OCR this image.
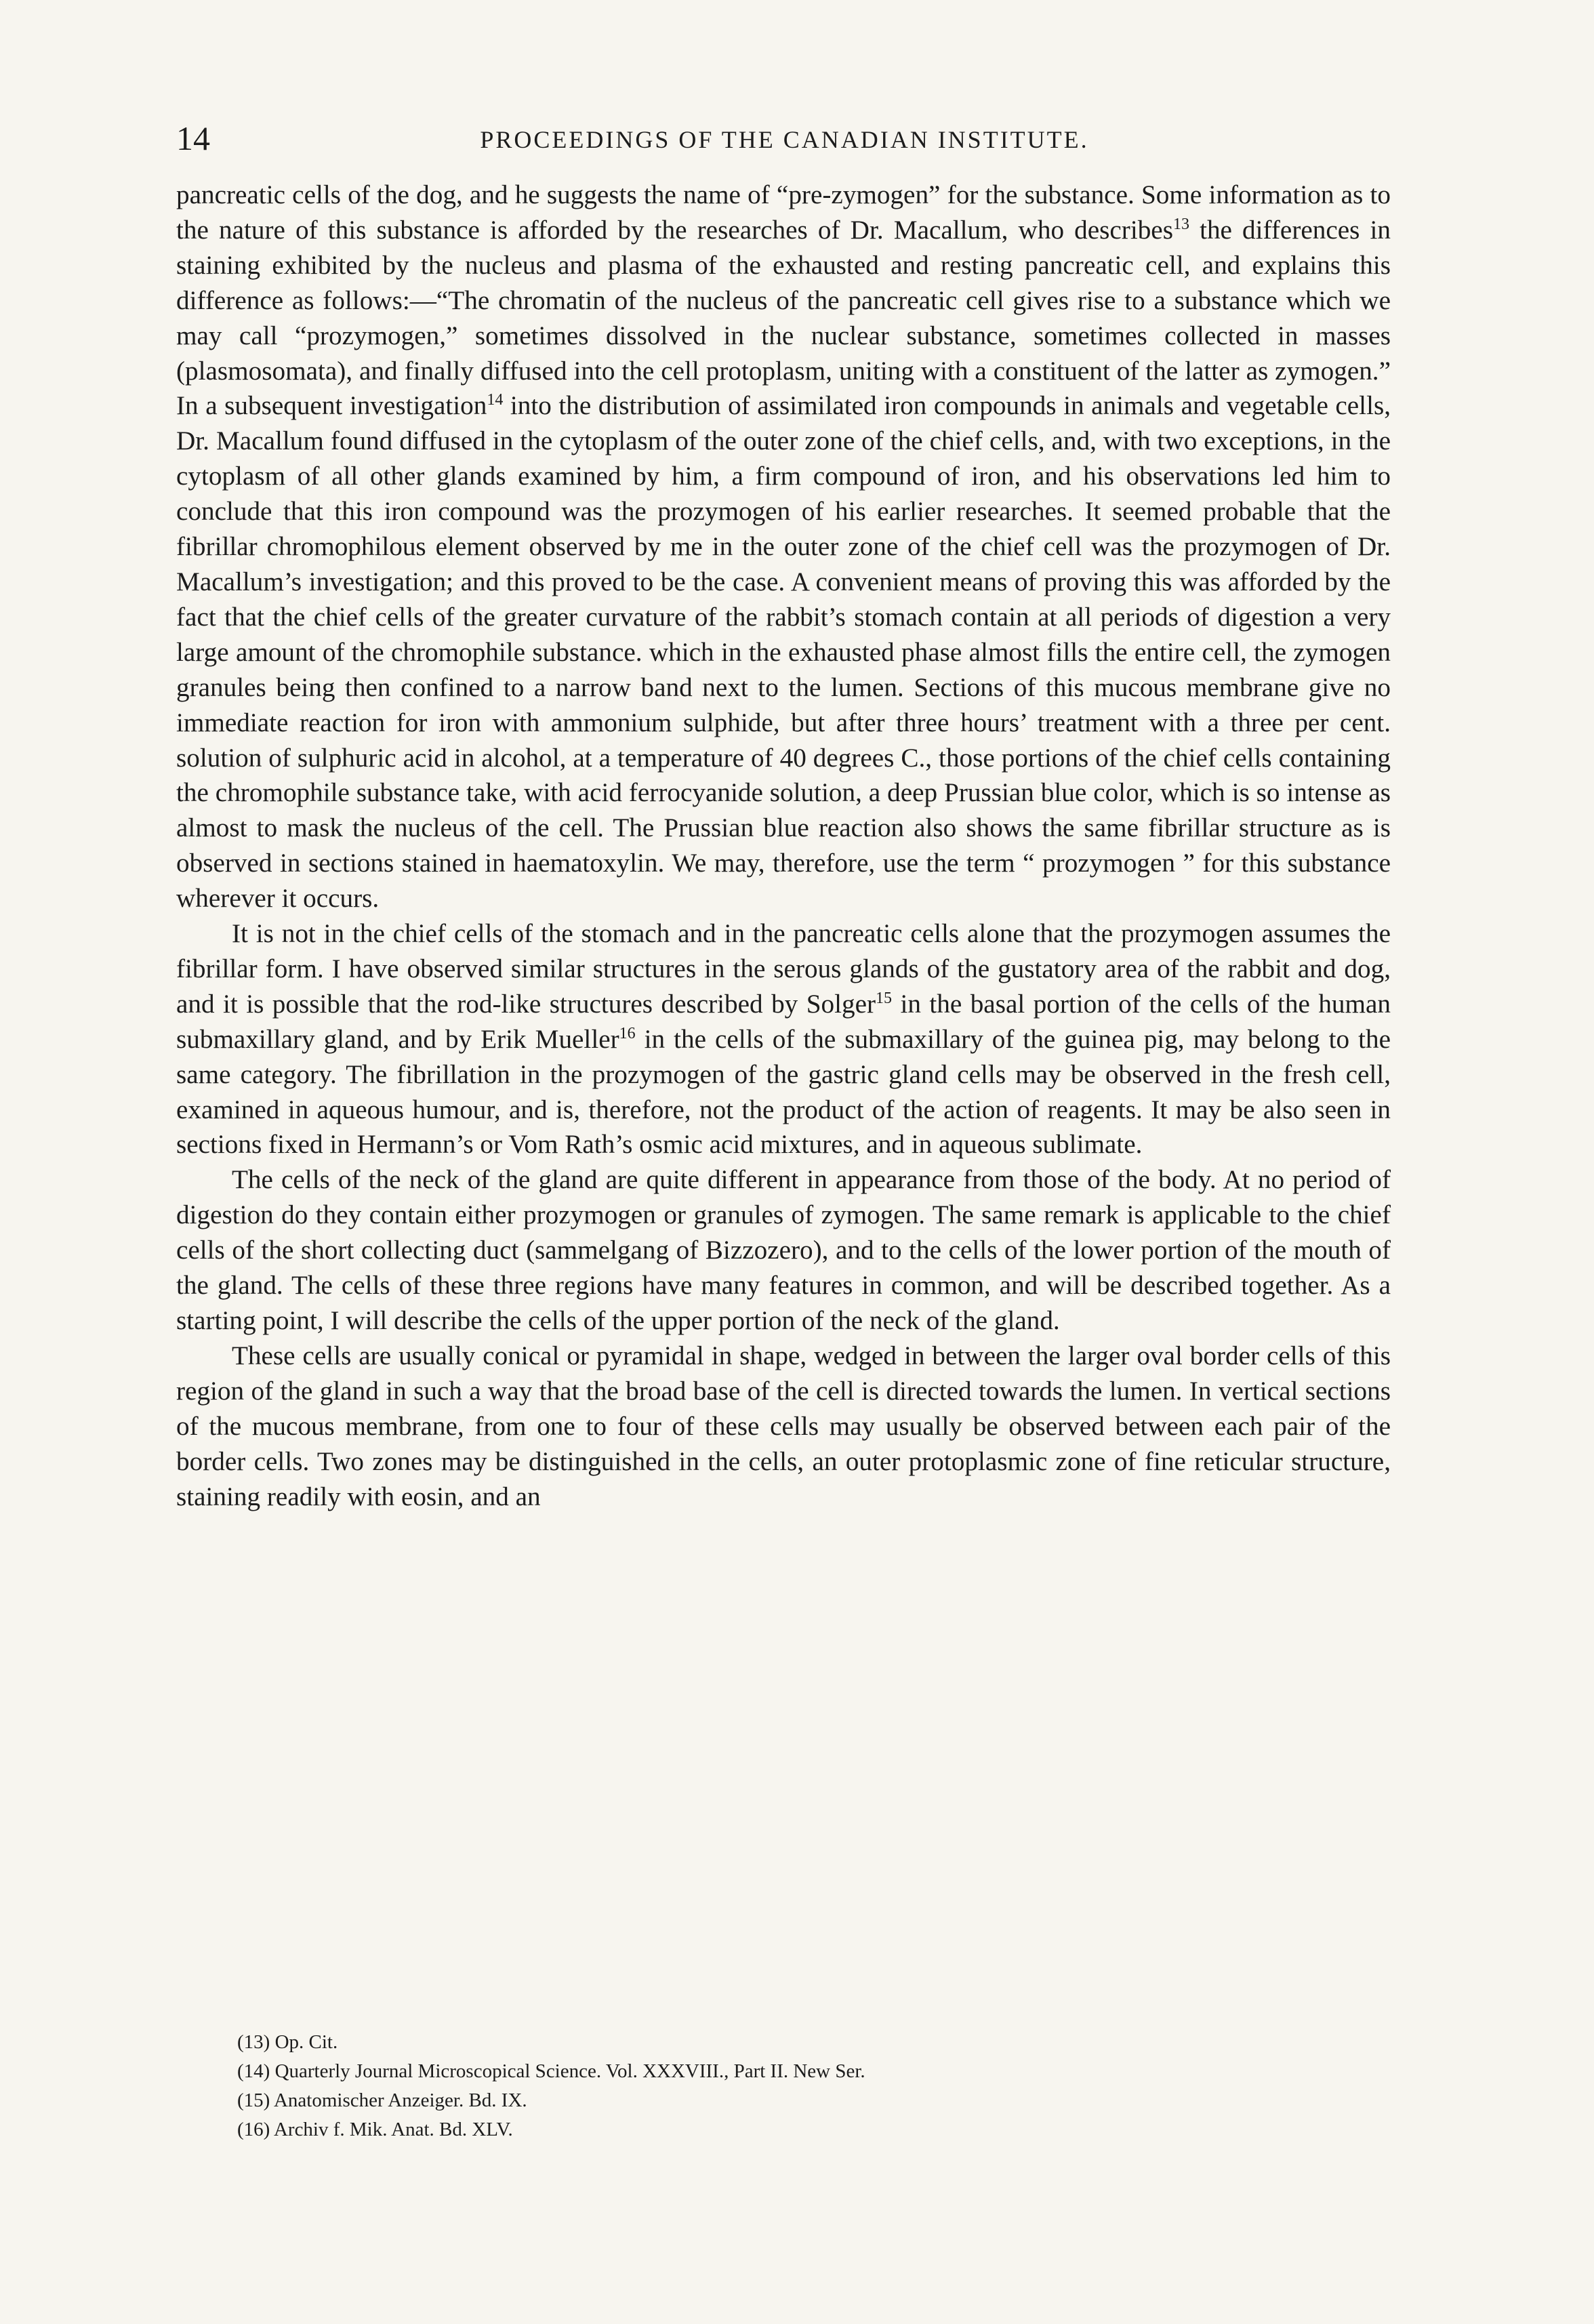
14	PROCEEDINGS OF THE CANADIAN INSTITUTE.

pancreatic cells of the dog, and he suggests the name of “pre-zymogen” for the substance. Some information as to the nature of this substance is afforded by the researches of Dr. Macallum, who describes$^{13}$ the differences in staining exhibited by the nucleus and plasma of the exhausted and resting pancreatic cell, and explains this difference as follows:—“The chromatin of the nucleus of the pancreatic cell gives rise to a substance which we may call “prozymogen,” sometimes dissolved in the nuclear substance, sometimes collected in masses (plasmosomata), and finally diffused into the cell protoplasm, uniting with a constituent of the latter as zymogen.” In a subsequent investigation$^{14}$ into the distribution of assimilated iron compounds in animals and vegetable cells, Dr. Macallum found diffused in the cytoplasm of the outer zone of the chief cells, and, with two exceptions, in the cytoplasm of all other glands examined by him, a firm compound of iron, and his observations led him to conclude that this iron compound was the prozymogen of his earlier researches. It seemed probable that the fibrillar chromophilous element observed by me in the outer zone of the chief cell was the prozymogen of Dr. Macallum’s investigation; and this proved to be the case. A convenient means of proving this was afforded by the fact that the chief cells of the greater curvature of the rabbit’s stomach contain at all periods of digestion a very large amount of the chromophile substance. which in the exhausted phase almost fills the entire cell, the zymogen granules being then confined to a narrow band next to the lumen. Sections of this mucous membrane give no immediate reaction for iron with ammonium sulphide, but after three hours’ treatment with a three per cent. solution of sulphuric acid in alcohol, at a temperature of 40 degrees C., those portions of the chief cells containing the chromophile substance take, with acid ferrocyanide solution, a deep Prussian blue color, which is so intense as almost to mask the nucleus of the cell. The Prussian blue reaction also shows the same fibrillar structure as is observed in sections stained in haematoxylin. We may, therefore, use the term “ prozymogen ” for this substance wherever it occurs.

It is not in the chief cells of the stomach and in the pancreatic cells alone that the prozymogen assumes the fibrillar form. I have observed similar structures in the serous glands of the gustatory area of the rabbit and dog, and it is possible that the rod-like structures described by Solger$^{15}$ in the basal portion of the cells of the human submaxillary gland, and by Erik Mueller$^{16}$ in the cells of the submaxillary of the guinea pig, may belong to the same category. The fibrillation in the prozymogen of the gastric gland cells may be observed in the fresh cell, examined in aqueous humour, and is, therefore, not the product of the action of reagents. It may be also seen in sections fixed in Hermann’s or Vom Rath’s osmic acid mixtures, and in aqueous sublimate.

The cells of the neck of the gland are quite different in appearance from those of the body. At no period of digestion do they contain either prozymogen or granules of zymogen. The same remark is applicable to the chief cells of the short collecting duct (sammelgang of Bizzozero), and to the cells of the lower portion of the mouth of the gland. The cells of these three regions have many features in common, and will be described together. As a starting point, I will describe the cells of the upper portion of the neck of the gland.

These cells are usually conical or pyramidal in shape, wedged in between the larger oval border cells of this region of the gland in such a way that the broad base of the cell is directed towards the lumen. In vertical sections of the mucous membrane, from one to four of these cells may usually be observed between each pair of the border cells. Two zones may be distinguished in the cells, an outer protoplasmic zone of fine reticular structure, staining readily with eosin, and an

(13) Op. Cit.
(14) Quarterly Journal Microscopical Science. Vol. XXXVIII., Part II. New Ser.
(15) Anatomischer Anzeiger. Bd. IX.
(16) Archiv f. Mik. Anat. Bd. XLV.
